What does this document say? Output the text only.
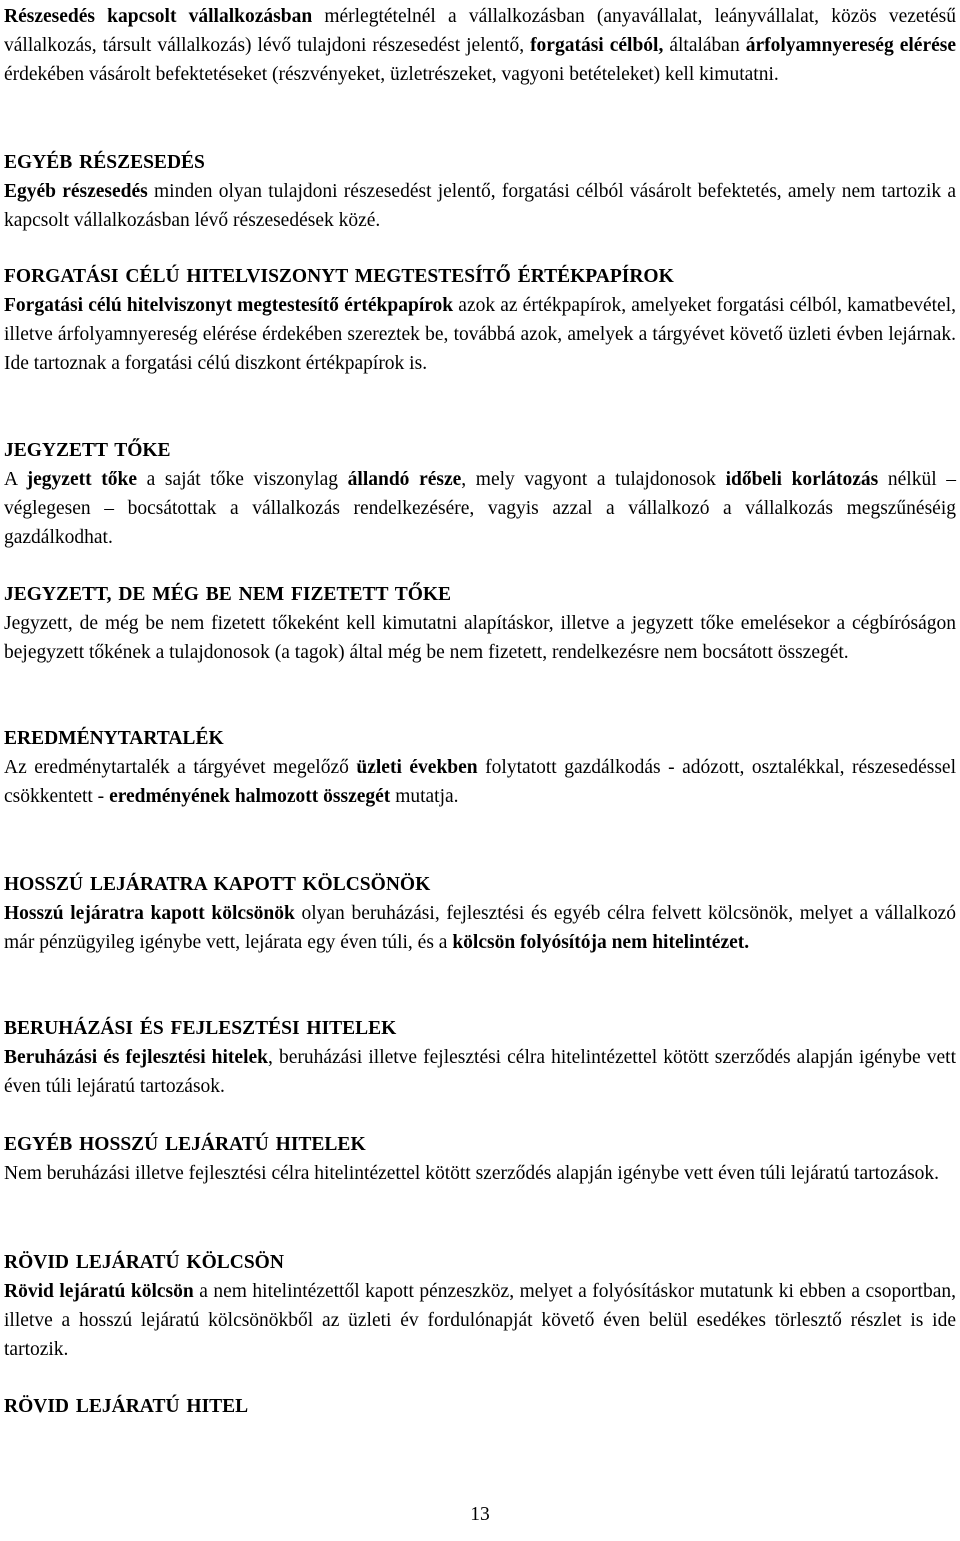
Részesedés kapcsolt vállalkozásban mérlegtételnél a vállalkozásban (anyavállalat, leányvállalat, közös vezetésű vállalkozás, társult vállalkozás) lévő tulajdoni részesedést jelentő, forgatási célból, általában árfolyamnyereség elérése érdekében vásárolt befektetéseket (részvényeket, üzletrészeket, vagyoni betételeket) kell kimutatni.

EGYÉB RÉSZESEDÉS

Egyéb részesedés minden olyan tulajdoni részesedést jelentő, forgatási célból vásárolt befektetés, amely nem tartozik a kapcsolt vállalkozásban lévő részesedések közé.

FORGATÁSI CÉLÚ HITELVISZONYT MEGTESTESÍTŐ ÉRTÉKPAPÍROK

Forgatási célú hitelviszonyt megtestesítő értékpapírok azok az értékpapírok, amelyeket forgatási célból, kamatbevétel, illetve árfolyamnyereség elérése érdekében szereztek be, továbbá azok, amelyek a tárgyévet követő üzleti évben lejárnak. Ide tartoznak a forgatási célú diszkont értékpapírok is.

JEGYZETT TŐKE

A jegyzett tőke a saját tőke viszonylag állandó része, mely vagyont a tulajdonosok időbeli korlátozás nélkül – véglegesen – bocsátottak a vállalkozás rendelkezésére, vagyis azzal a vállalkozó a vállalkozás megszűnéséig gazdálkodhat.

JEGYZETT, DE MÉG BE NEM FIZETETT TŐKE

Jegyzett, de még be nem fizetett tőkeként kell kimutatni alapításkor, illetve a jegyzett tőke emelésekor a cégbíróságon bejegyzett tőkének a tulajdonosok (a tagok) által még be nem fizetett, rendelkezésre nem bocsátott összegét.

EREDMÉNYTARTALÉK

Az eredménytartalék a tárgyévet megelőző üzleti években folytatott gazdálkodás - adózott, osztalékkal, részesedéssel csökkentett - eredményének halmozott összegét mutatja.

HOSSZÚ LEJÁRATRA KAPOTT KÖLCSÖNÖK

Hosszú lejáratra kapott kölcsönök olyan beruházási, fejlesztési és egyéb célra felvett kölcsönök, melyet a vállalkozó már pénzügyileg igénybe vett, lejárata egy éven túli, és a kölcsön folyósítója nem hitelintézet.

BERUHÁZÁSI ÉS FEJLESZTÉSI HITELEK

Beruházási és fejlesztési hitelek, beruházási illetve fejlesztési célra hitelintézettel kötött szerződés alapján igénybe vett éven túli lejáratú tartozások.

EGYÉB HOSSZÚ LEJÁRATÚ HITELEK

Nem beruházási illetve fejlesztési célra hitelintézettel kötött szerződés alapján igénybe vett éven túli lejáratú tartozások.

RÖVID LEJÁRATÚ KÖLCSÖN

Rövid lejáratú kölcsön a nem hitelintézettől kapott pénzeszköz, melyet a folyósításkor mutatunk ki ebben a csoportban, illetve a hosszú lejáratú kölcsönökből az üzleti év fordulónapját követő éven belül esedékes törlesztő részlet is ide tartozik.

RÖVID LEJÁRATÚ HITEL
13
